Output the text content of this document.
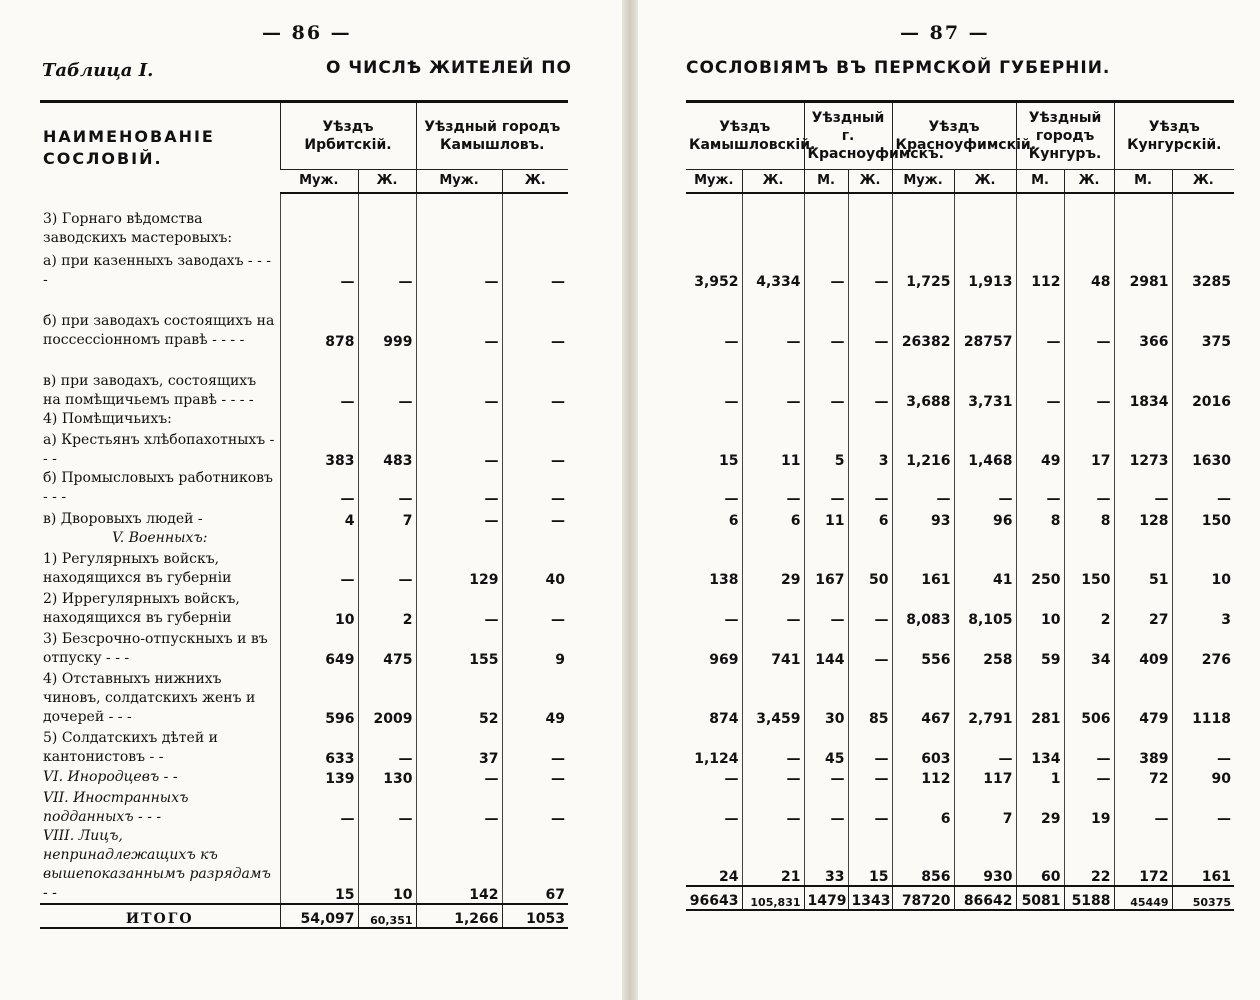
— 86 —
Таблица I.	О ЧИСЛѢ ЖИТЕЛЕЙ ПО
НАИМЕНОВАНІЕ СОСЛОВІЙ.	Уѣздъ Ирбитскій.		Уѣздный городъ Камышловъ.	
	Муж.	Ж.	Муж.	Ж.

3) Горнаго вѣдомства заводскихъ мастеровыхъ:				
а) при казенныхъ заводахъ - - - -	—	—	—	—
б) при заводахъ состоящихъ на поссессіонномъ правѣ - - - -	878	999	—	—
в) при заводахъ, состоящихъ на помѣщичьемъ правѣ - - - -	—	—	—	—
4) Помѣщичьихъ:				
а) Крестьянъ хлѣбопахотныхъ - - -	383	483	—	—
б) Промысловыхъ работниковъ - - -	—	—	—	—
в) Дворовыхъ людей -	4	7	—	—
V. Военныхъ:				
1) Регулярныхъ войскъ, находящихся въ губерніи	—	—	129	40
2) Иррегулярныхъ войскъ, находящихся въ губерніи	10	2	—	—
3) Безсрочно-отпускныхъ и въ отпуску - - -	649	475	155	9
4) Отставныхъ нижнихъ чиновъ, солдатскихъ женъ и дочерей - - -	596	2009	52	49
5) Солдатскихъ дѣтей и кантонистовъ - -	633	—	37	—
VI. Инородцевъ - -	139	130	—	—
VII. Иностранныхъ подданныхъ - - -	—	—	—	—
VIII. Лицъ, непринадлежащихъ къ вышепоказаннымъ разрядамъ - -	15	10	142	67
ИТОГО	54,097	60,351	1,266	1053
— 87 —
СОСЛОВІЯМЪ ВЪ ПЕРМСКОЙ ГУБЕРНІИ.
Уѣздъ Камышловскій.		Уѣздный г. Красноуфимскъ.		Уѣздъ Красноуфимскій.		Уѣздный городъ Кунгуръ.		Уѣздъ Кунгурскій.	
Муж.	Ж.	М.	Ж.	Муж.	Ж.	М.	Ж.	М.	Ж.

3,952	4,334	—	—	1,725	1,913	112	48	2981	3285
—	—	—	—	26382	28757	—	—	366	375
—	—	—	—	3,688	3,731	—	—	1834	2016

15	11	5	3	1,216	1,468	49	17	1273	1630
—	—	—	—	—	—	—	—	—	—
6	6	11	6	93	96	8	8	128	150

138	29	167	50	161	41	250	150	51	10
—	—	—	—	8,083	8,105	10	2	27	3
969	741	144	—	556	258	59	34	409	276
874	3,459	30	85	467	2,791	281	506	479	1118
1,124	—	45	—	603	—	134	—	389	—
—	—	—	—	112	117	1	—	72	90
—	—	—	—	6	7	29	19	—	—
24	21	33	15	856	930	60	22	172	161
96643	105,831	1479	1343	78720	86642	5081	5188	45449	50375
